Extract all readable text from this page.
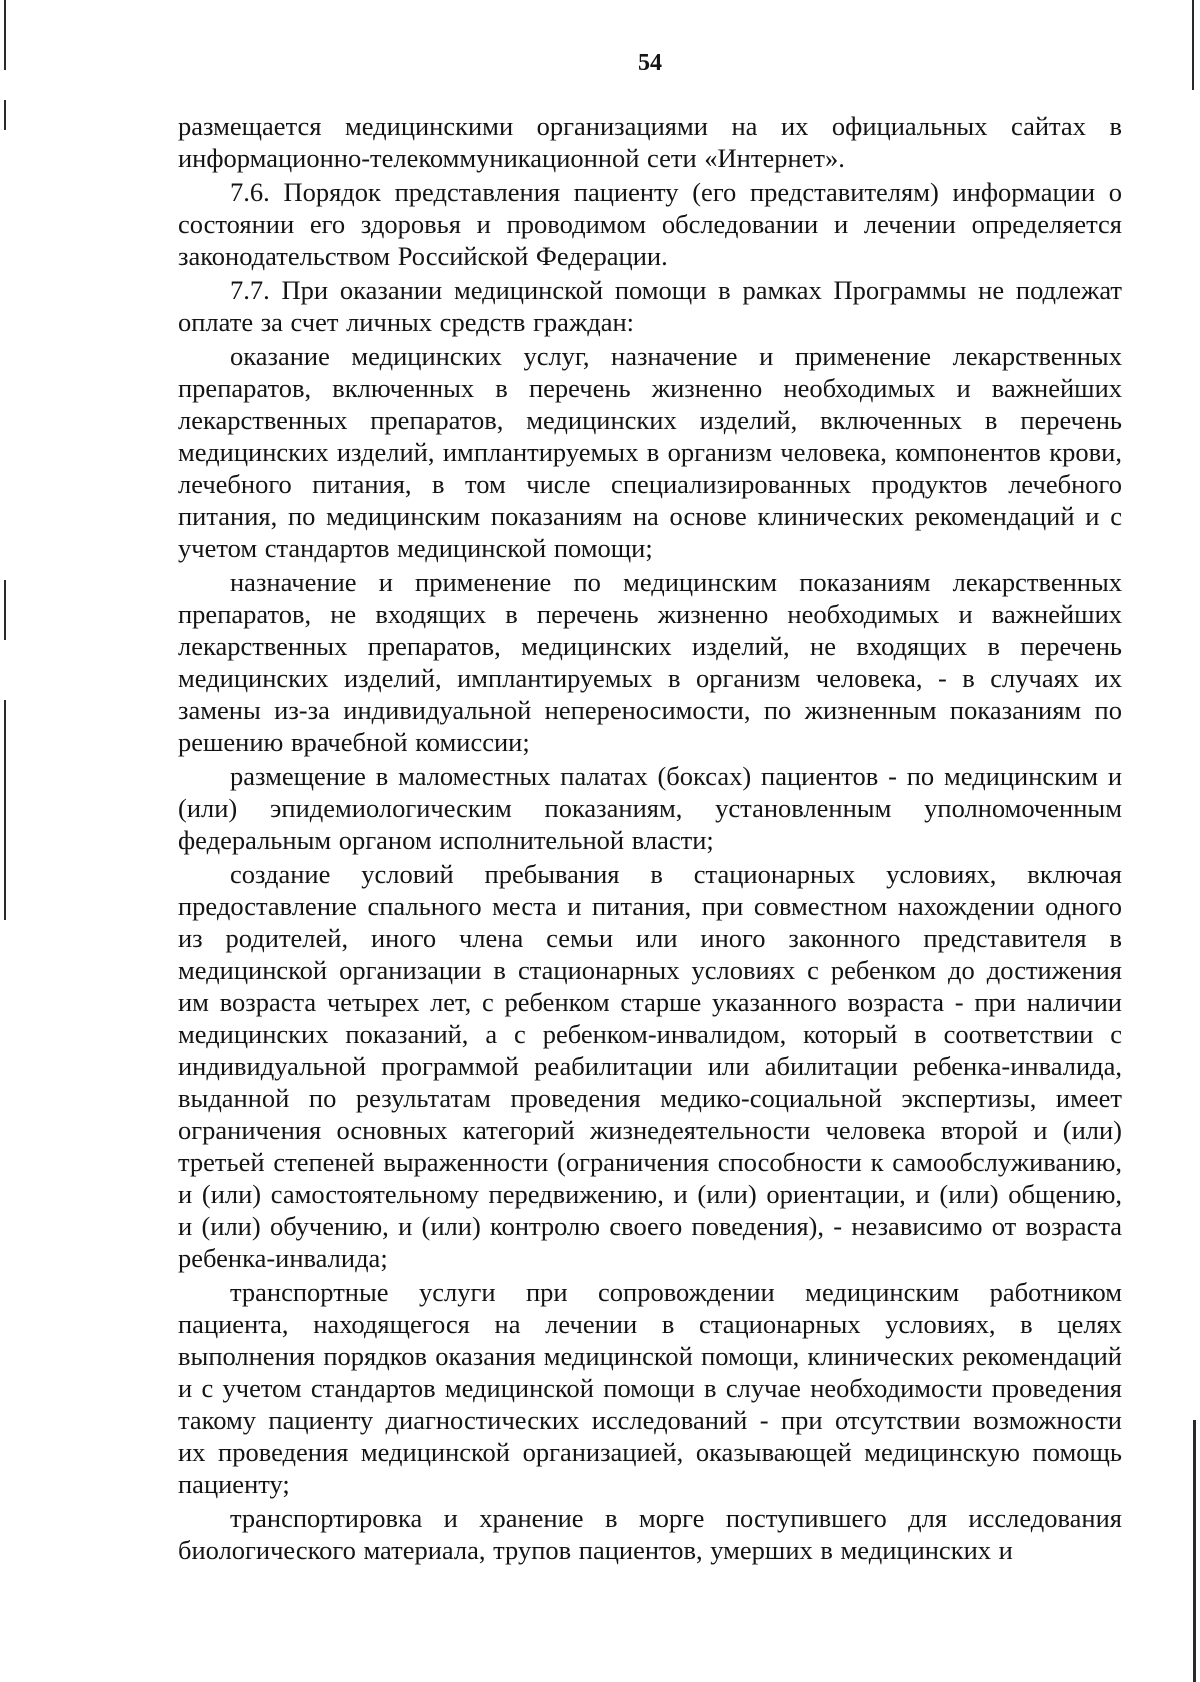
54

размещается медицинскими организациями на их официальных сайтах в информационно-телекоммуникационной сети «Интернет».

7.6. Порядок представления пациенту (его представителям) информации о состоянии его здоровья и проводимом обследовании и лечении определяется законодательством Российской Федерации.

7.7. При оказании медицинской помощи в рамках Программы не подлежат оплате за счет личных средств граждан:

оказание медицинских услуг, назначение и применение лекарственных препаратов, включенных в перечень жизненно необходимых и важнейших лекарственных препаратов, медицинских изделий, включенных в перечень медицинских изделий, имплантируемых в организм человека, компонентов крови, лечебного питания, в том числе специализированных продуктов лечебного питания, по медицинским показаниям на основе клинических рекомендаций и с учетом стандартов медицинской помощи;

назначение и применение по медицинским показаниям лекарственных препаратов, не входящих в перечень жизненно необходимых и важнейших лекарственных препаратов, медицинских изделий, не входящих в перечень медицинских изделий, имплантируемых в организм человека, - в случаях их замены из-за индивидуальной непереносимости, по жизненным показаниям по решению врачебной комиссии;

размещение в маломестных палатах (боксах) пациентов - по медицинским и (или) эпидемиологическим показаниям, установленным уполномоченным федеральным органом исполнительной власти;

создание условий пребывания в стационарных условиях, включая предоставление спального места и питания, при совместном нахождении одного из родителей, иного члена семьи или иного законного представителя в медицинской организации в стационарных условиях с ребенком до достижения им возраста четырех лет, с ребенком старше указанного возраста - при наличии медицинских показаний, а с ребенком-инвалидом, который в соответствии с индивидуальной программой реабилитации или абилитации ребенка-инвалида, выданной по результатам проведения медико-социальной экспертизы, имеет ограничения основных категорий жизнедеятельности человека второй и (или) третьей степеней выраженности (ограничения способности к самообслуживанию, и (или) самостоятельному передвижению, и (или) ориентации, и (или) общению, и (или) обучению, и (или) контролю своего поведения), - независимо от возраста ребенка-инвалида;

транспортные услуги при сопровождении медицинским работником пациента, находящегося на лечении в стационарных условиях, в целях выполнения порядков оказания медицинской помощи, клинических рекомендаций и с учетом стандартов медицинской помощи в случае необходимости проведения такому пациенту диагностических исследований - при отсутствии возможности их проведения медицинской организацией, оказывающей медицинскую помощь пациенту;

транспортировка и хранение в морге поступившего для исследования биологического материала, трупов пациентов, умерших в медицинских и
